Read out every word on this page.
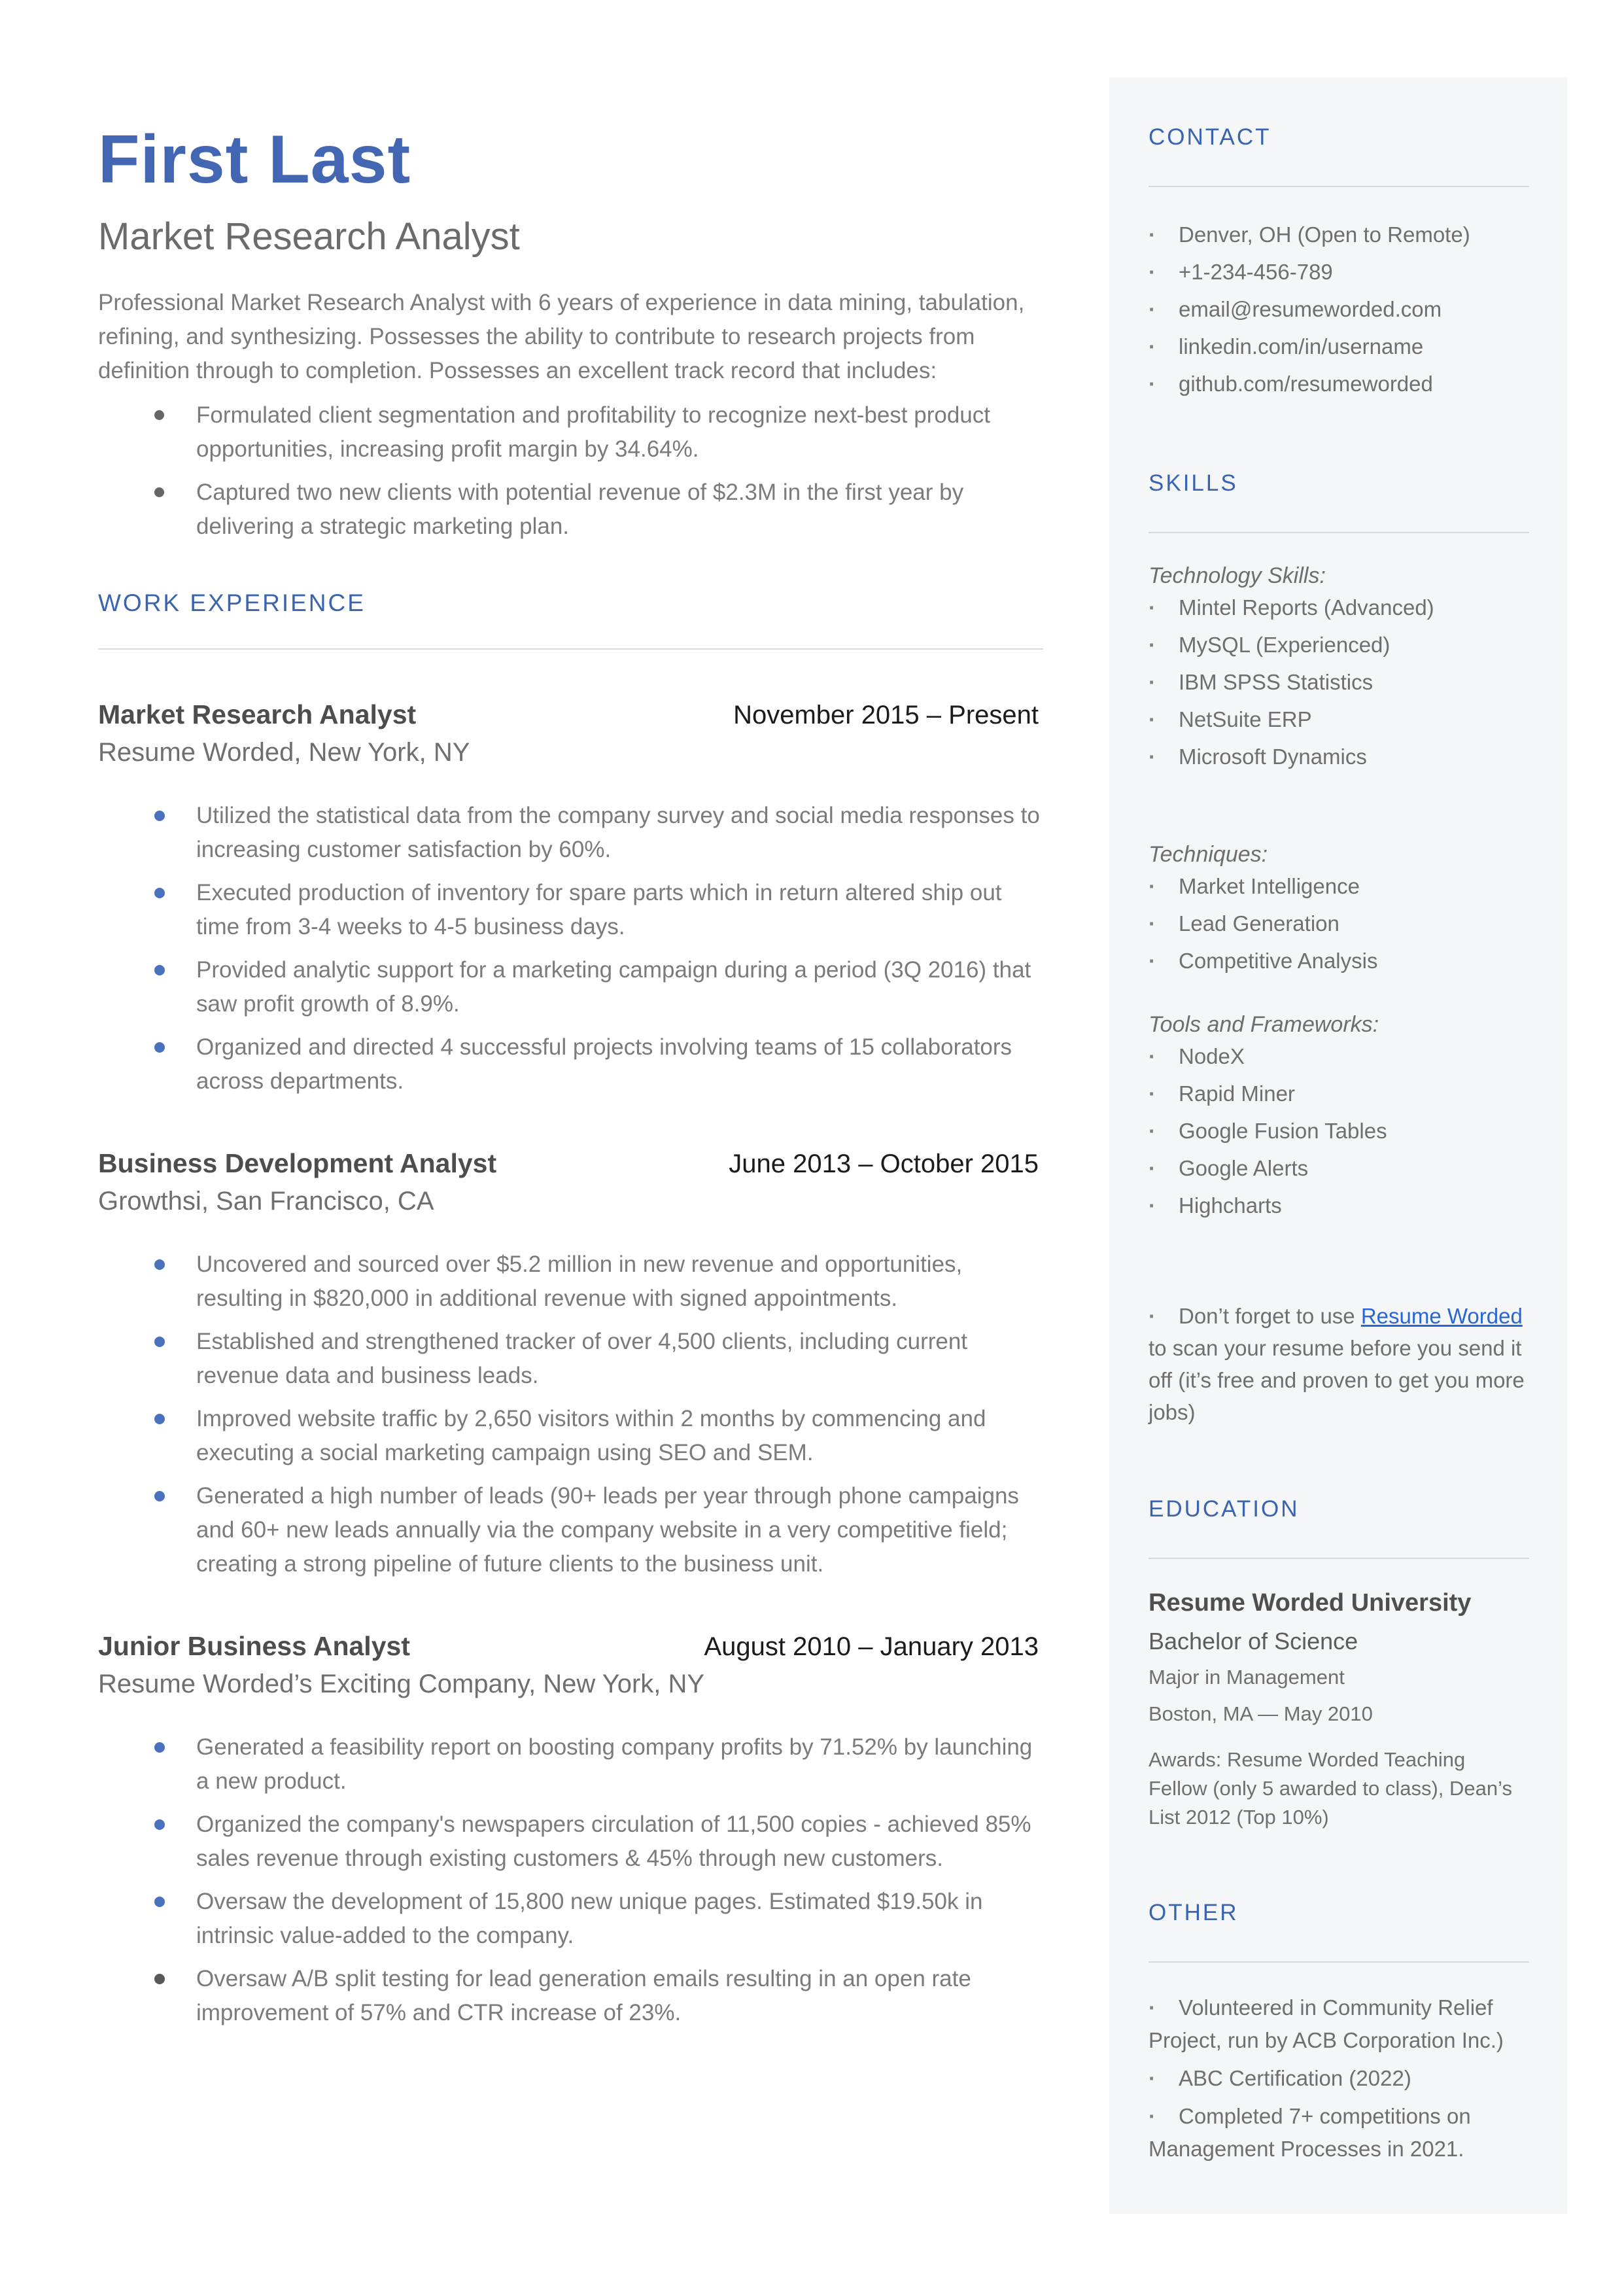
First Last
Market Research Analyst
Professional Market Research Analyst with 6 years of experience in data mining, tabulation, refining, and synthesizing. Possesses the ability to contribute to research projects from definition through to completion. Possesses an excellent track record that includes:
Formulated client segmentation and profitability to recognize next-best product opportunities, increasing profit margin by 34.64%.
Captured two new clients with potential revenue of $2.3M in the first year by delivering a strategic marketing plan.
WORK EXPERIENCE
Market Research Analyst	November 2015 – Present
Resume Worded, New York, NY
Utilized the statistical data from the company survey and social media responses to increasing customer satisfaction by 60%.
Executed production of inventory for spare parts which in return altered ship out time from 3-4 weeks to 4-5 business days.
Provided analytic support for a marketing campaign during a period (3Q 2016) that saw profit growth of 8.9%.
Organized and directed 4 successful projects involving teams of 15 collaborators across departments.
Business Development Analyst	June 2013 – October 2015
Growthsi, San Francisco, CA
Uncovered and sourced over $5.2 million in new revenue and opportunities, resulting in $820,000 in additional revenue with signed appointments.
Established and strengthened tracker of over 4,500 clients, including current revenue data and business leads.
Improved website traffic by 2,650 visitors within 2 months by commencing and executing a social marketing campaign using SEO and SEM.
Generated a high number of leads (90+ leads per year through phone campaigns and 60+ new leads annually via the company website in a very competitive field; creating a strong pipeline of future clients to the business unit.
Junior Business Analyst	August 2010 – January 2013
Resume Worded’s Exciting Company, New York, NY
Generated a feasibility report on boosting company profits by 71.52% by launching a new product.
Organized the company's newspapers circulation of 11,500 copies - achieved 85% sales revenue through existing customers & 45% through new customers.
Oversaw the development of 15,800 new unique pages. Estimated $19.50k in intrinsic value-added to the company.
Oversaw A/B split testing for lead generation emails resulting in an open rate improvement of 57% and CTR increase of 23%.
CONTACT
· Denver, OH (Open to Remote)
· +1-234-456-789
· email@resumeworded.com
· linkedin.com/in/username
· github.com/resumeworded
SKILLS
Technology Skills:
· Mintel Reports (Advanced)
· MySQL (Experienced)
· IBM SPSS Statistics
· NetSuite ERP
· Microsoft Dynamics
Techniques:
· Market Intelligence
· Lead Generation
· Competitive Analysis
Tools and Frameworks:
· NodeX
· Rapid Miner
· Google Fusion Tables
· Google Alerts
· Highcharts
· Don’t forget to use Resume Worded to scan your resume before you send it off (it’s free and proven to get you more jobs)
EDUCATION
Resume Worded University
Bachelor of Science
Major in Management
Boston, MA — May 2010
Awards: Resume Worded Teaching Fellow (only 5 awarded to class), Dean’s List 2012 (Top 10%)
OTHER
· Volunteered in Community Relief Project, run by ACB Corporation Inc.)
· ABC Certification (2022)
· Completed 7+ competitions on Management Processes in 2021.
